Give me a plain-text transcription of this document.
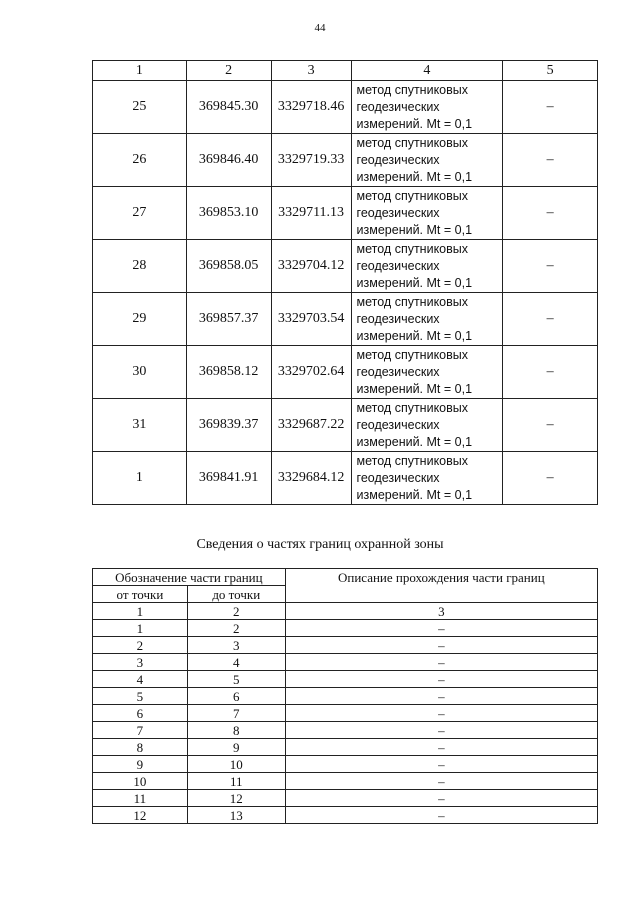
44
1	2	3	4	5
25	369845.30	3329718.46	метод спутниковых
геодезических
измерений. Mt = 0,1	–
26	369846.40	3329719.33	метод спутниковых
геодезических
измерений. Mt = 0,1	–
27	369853.10	3329711.13	метод спутниковых
геодезических
измерений. Mt = 0,1	–
28	369858.05	3329704.12	метод спутниковых
геодезических
измерений. Mt = 0,1	–
29	369857.37	3329703.54	метод спутниковых
геодезических
измерений. Mt = 0,1	–
30	369858.12	3329702.64	метод спутниковых
геодезических
измерений. Mt = 0,1	–
31	369839.37	3329687.22	метод спутниковых
геодезических
измерений. Mt = 0,1	–
1	369841.91	3329684.12	метод спутниковых
геодезических
измерений. Mt = 0,1	–
Сведения о частях границ охранной зоны
Обозначение части границ		Описание прохождения части границ
от точки	до точки	
1	2	3
1	2	–
2	3	–
3	4	–
4	5	–
5	6	–
6	7	–
7	8	–
8	9	–
9	10	–
10	11	–
11	12	–
12	13	–
